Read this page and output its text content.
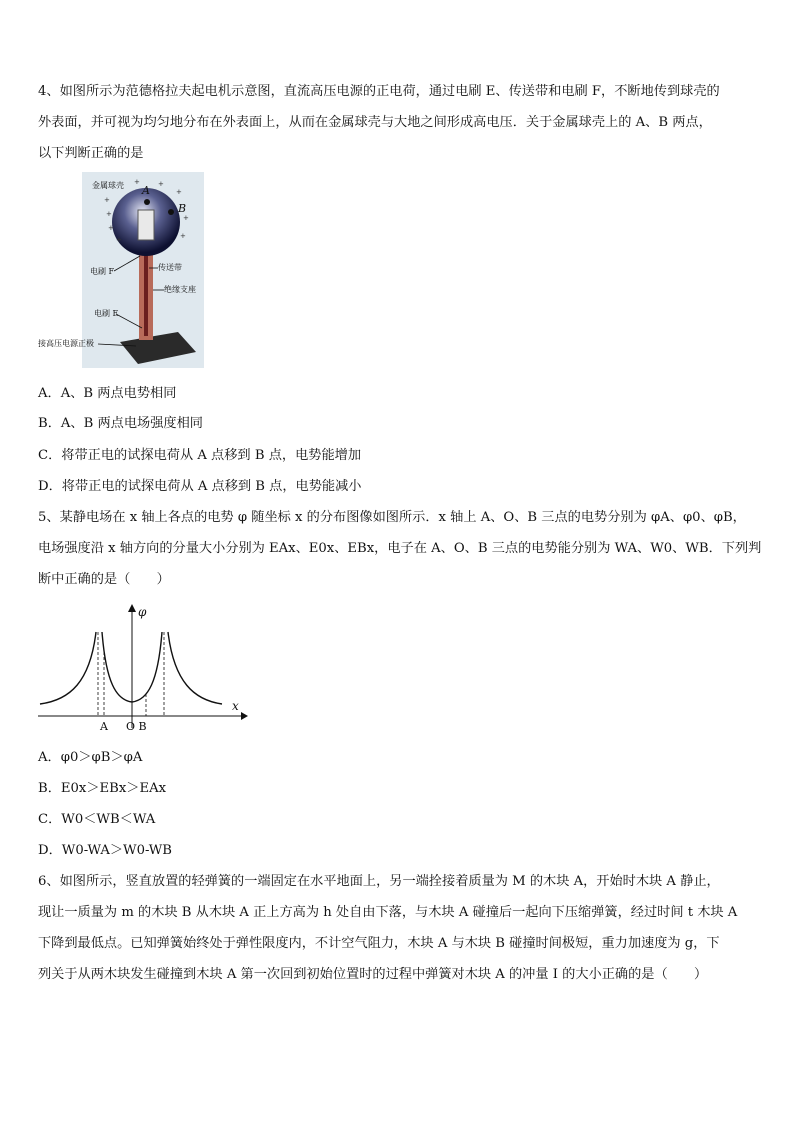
4、如图所示为范德格拉夫起电机示意图，直流高压电源的正电荷，通过电刷 E、传送带和电刷 F，不断地传到球壳的
外表面，并可视为均匀地分布在外表面上，从而在金属球壳与大地之间形成高电压．关于金属球壳上的 A、B 两点，
以下判断正确的是
+
+
+
+
+
+
+
+
+
金属球壳 A
B
电刷 F	传送带
绝缘支座
电刷 E
接高压电源正极
A．A、B 两点电势相同
B．A、B 两点电场强度相同
C．将带正电的试探电荷从 A 点移到 B 点，电势能增加
D．将带正电的试探电荷从 A 点移到 B 点，电势能减小
5、某静电场在 x 轴上各点的电势 φ 随坐标 x 的分布图像如图所示．x 轴上 A、O、B 三点的电势分别为 φA、φ0、φB，
电场强度沿 x 轴方向的分量大小分别为 EAx、E0x、EBx，电子在 A、O、B 三点的电势能分别为 WA、W0、WB．下列判
断中正确的是（　　）
φ
x
A O B
A．φ0＞φB＞φA
B．E0x＞EBx＞EAx
C．W0＜WB＜WA
D．W0-WA＞W0-WB
6、如图所示，竖直放置的轻弹簧的一端固定在水平地面上，另一端拴接着质量为 M 的木块 A，开始时木块 A 静止，
现让一质量为 m 的木块 B 从木块 A 正上方高为 h 处自由下落，与木块 A 碰撞后一起向下压缩弹簧，经过时间 t 木块 A
下降到最低点。已知弹簧始终处于弹性限度内，不计空气阻力，木块 A 与木块 B 碰撞时间极短，重力加速度为 g，下
列关于从两木块发生碰撞到木块 A 第一次回到初始位置时的过程中弹簧对木块 A 的冲量 I 的大小正确的是（　　）
